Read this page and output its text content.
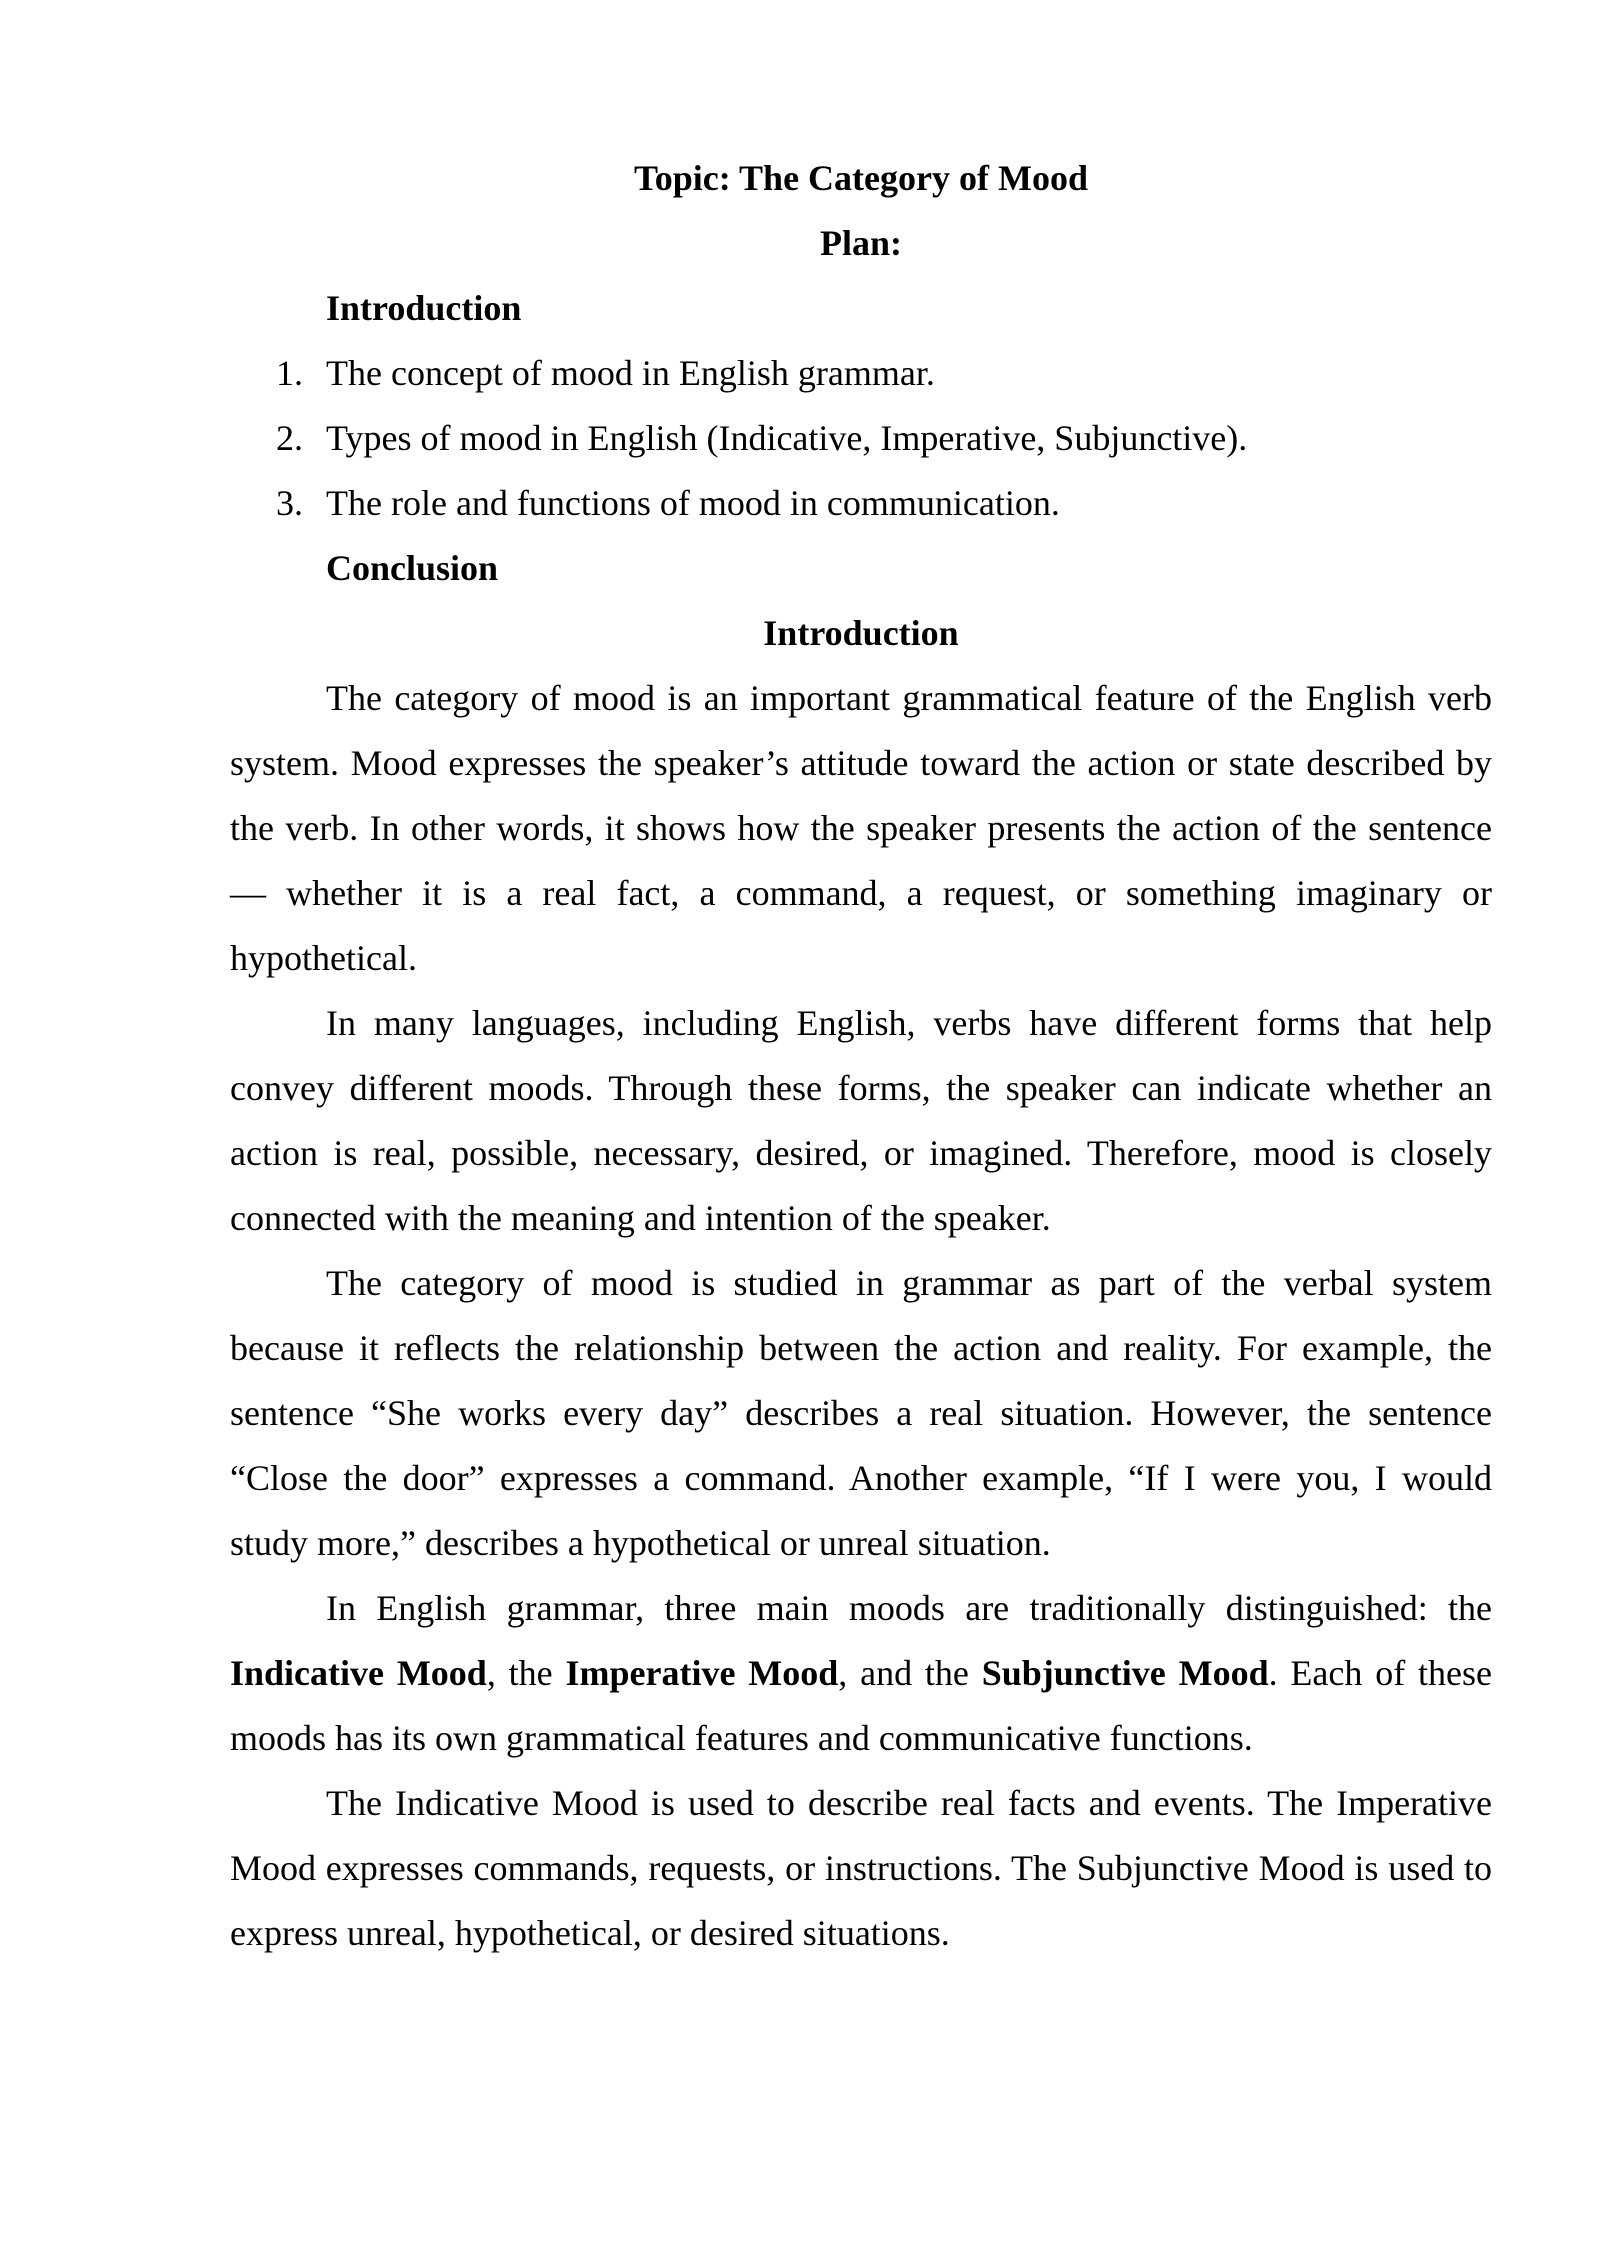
Topic: The Category of Mood

Plan:

Introduction

1. The concept of mood in English grammar.
2. Types of mood in English (Indicative, Imperative, Subjunctive).
3. The role and functions of mood in communication.

Conclusion

Introduction

The category of mood is an important grammatical feature of the English verb system. Mood expresses the speaker’s attitude toward the action or state described by the verb. In other words, it shows how the speaker presents the action of the sentence — whether it is a real fact, a command, a request, or something imaginary or hypothetical.

In many languages, including English, verbs have different forms that help convey different moods. Through these forms, the speaker can indicate whether an action is real, possible, necessary, desired, or imagined. Therefore, mood is closely connected with the meaning and intention of the speaker.

The category of mood is studied in grammar as part of the verbal system because it reflects the relationship between the action and reality. For example, the sentence “She works every day” describes a real situation. However, the sentence “Close the door” expresses a command. Another example, “If I were you, I would study more,” describes a hypothetical or unreal situation.

In English grammar, three main moods are traditionally distinguished: the Indicative Mood, the Imperative Mood, and the Subjunctive Mood. Each of these moods has its own grammatical features and communicative functions.

The Indicative Mood is used to describe real facts and events. The Imperative Mood expresses commands, requests, or instructions. The Subjunctive Mood is used to express unreal, hypothetical, or desired situations.
